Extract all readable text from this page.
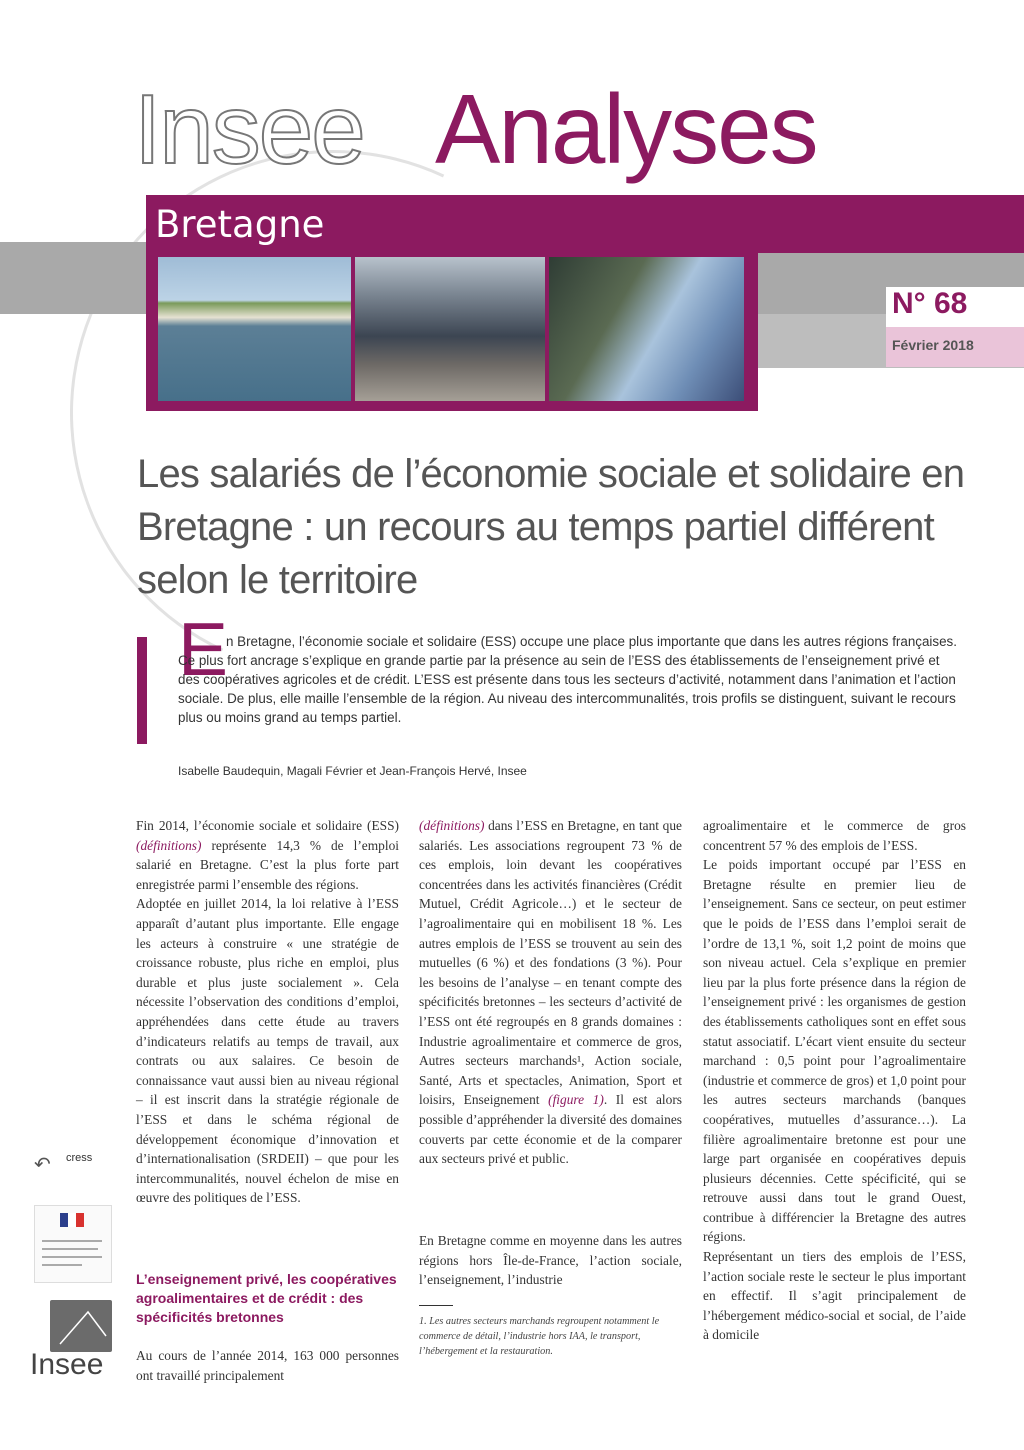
Insee Analyses
Bretagne
N° 68
Février 2018
Les salariés de l’économie sociale et solidaire en Bretagne : un recours au temps partiel différent selon le territoire
E
n Bretagne, l’économie sociale et solidaire (ESS) occupe une place plus importante que dans les autres régions françaises. Ce plus fort ancrage s’explique en grande partie par la présence au sein de l’ESS des établissements de l’enseignement privé et des coopératives agricoles et de crédit. L’ESS est présente dans tous les secteurs d’activité, notamment dans l’animation et l’action sociale. De plus, elle maille l’ensemble de la région. Au niveau des intercommunalités, trois profils se distinguent, suivant le recours plus ou moins grand au temps partiel.
Isabelle Baudequin, Magali Février et Jean-François Hervé, Insee

Fin 2014, l’économie sociale et solidaire (ESS) (définitions) représente 14,3 % de l’emploi salarié en Bretagne. C’est la plus forte part enregistrée parmi l’ensemble des régions.

Adoptée en juillet 2014, la loi relative à l’ESS apparaît d’autant plus importante. Elle engage les acteurs à construire « une stratégie de croissance robuste, plus riche en emploi, plus durable et plus juste socialement ». Cela nécessite l’observation des conditions d’emploi, appréhendées dans cette étude au travers d’indicateurs relatifs au temps de travail, aux contrats ou aux salaires. Ce besoin de connaissance vaut aussi bien au niveau régional – il est inscrit dans la stratégie régionale de l’ESS et dans le schéma régional de développement économique d’innovation et d’internationalisation (SRDEII) – que pour les intercommunalités, nouvel échelon de mise en œuvre des politiques de l’ESS.

L’enseignement privé, les coopératives agroalimentaires et de crédit : des spécificités bretonnes

Au cours de l’année 2014, 163 000 personnes ont travaillé principalement

(définitions) dans l’ESS en Bretagne, en tant que salariés. Les associations regroupent 73 % de ces emplois, loin devant les coopératives concentrées dans les activités financières (Crédit Mutuel, Crédit Agricole…) et le secteur de l’agroalimentaire qui en mobilisent 18 %. Les autres emplois de l’ESS se trouvent au sein des mutuelles (6 %) et des fondations (3 %). Pour les besoins de l’analyse – en tenant compte des spécificités bretonnes – les secteurs d’activité de l’ESS ont été regroupés en 8 grands domaines : Industrie agroalimentaire et commerce de gros, Autres secteurs marchands¹, Action sociale, Santé, Arts et spectacles, Animation, Sport et loisirs, Enseignement (figure 1). Il est alors possible d’appréhender la diversité des domaines couverts par cette économie et de la comparer aux secteurs privé et public.

En Bretagne comme en moyenne dans les autres régions hors Île-de-France, l’action sociale, l’enseignement, l’industrie

1. Les autres secteurs marchands regroupent notamment le commerce de détail, l’industrie hors IAA, le transport, l’hébergement et la restauration.

agroalimentaire et le commerce de gros concentrent 57 % des emplois de l’ESS.

Le poids important occupé par l’ESS en Bretagne résulte en premier lieu de l’enseignement. Sans ce secteur, on peut estimer que le poids de l’ESS dans l’emploi serait de l’ordre de 13,1 %, soit 1,2 point de moins que son niveau actuel. Cela s’explique en premier lieu par la plus forte présence dans la région de l’enseignement privé : les organismes de gestion des établissements catholiques sont en effet sous statut associatif. L’écart vient ensuite du secteur marchand : 0,5 point pour l’agroalimentaire (industrie et commerce de gros) et 1,0 point pour les autres secteurs marchands (banques coopératives, mutuelles d’assurance…). La filière agroalimentaire bretonne est pour une large part organisée en coopératives depuis plusieurs décennies. Cette spécificité, qui se retrouve aussi dans tout le grand Ouest, contribue à différencier la Bretagne des autres régions.

Représentant un tiers des emplois de l’ESS, l’action sociale reste le secteur le plus important en effectif. Il s’agit principalement de l’hébergement médico-social et social, de l’aide à domicile

↶ cress
Insee
